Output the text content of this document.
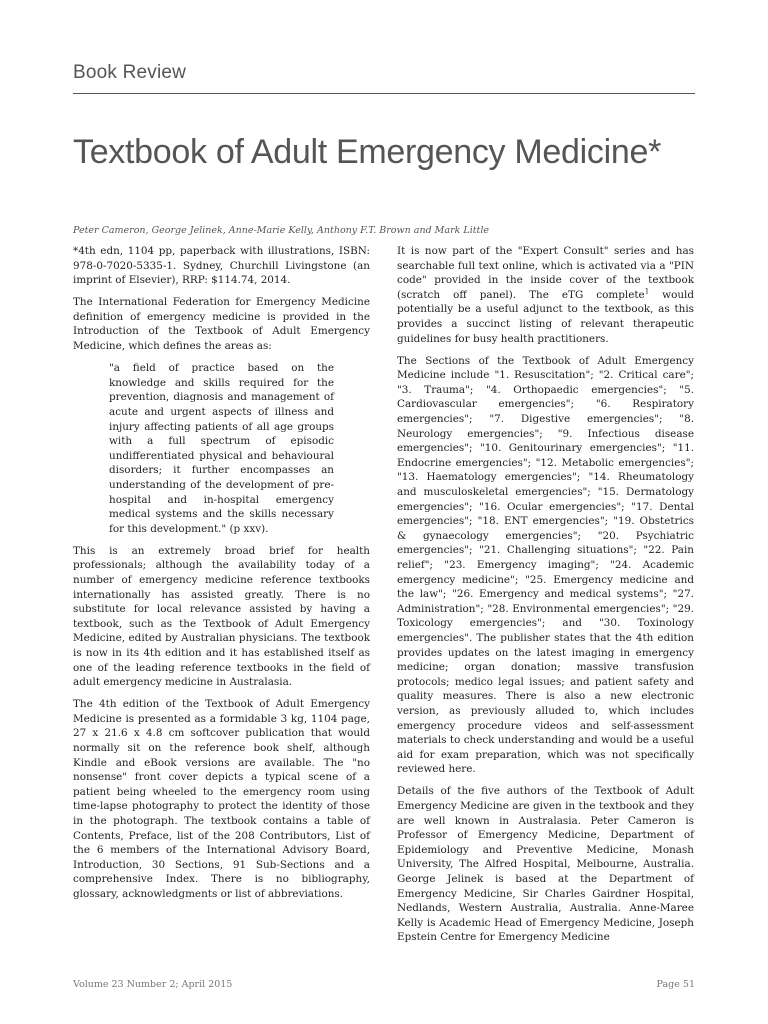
Book Review
Textbook of Adult Emergency Medicine*
Peter Cameron, George Jelinek, Anne-Marie Kelly, Anthony F.T. Brown and Mark Little

*4th edn, 1104 pp, paperback with illustrations, ISBN: 978-0-7020-5335-1. Sydney, Churchill Livingstone (an imprint of Elsevier), RRP: $114.74, 2014.

The International Federation for Emergency Medicine definition of emergency medicine is provided in the Introduction of the Textbook of Adult Emergency Medicine, which defines the areas as:

"a field of practice based on the knowledge and skills required for the prevention, diagnosis and management of acute and urgent aspects of illness and injury affecting patients of all age groups with a full spectrum of episodic undifferentiated physical and behavioural disorders; it further encompasses an understanding of the development of pre-hospital and in-hospital emergency medical systems and the skills necessary for this development." (p xxv).

This is an extremely broad brief for health professionals; although the availability today of a number of emergency medicine reference textbooks internationally has assisted greatly. There is no substitute for local relevance assisted by having a textbook, such as the Textbook of Adult Emergency Medicine, edited by Australian physicians. The textbook is now in its 4th edition and it has established itself as one of the leading reference textbooks in the field of adult emergency medicine in Australasia.

The 4th edition of the Textbook of Adult Emergency Medicine is presented as a formidable 3 kg, 1104 page, 27 x 21.6 x 4.8 cm softcover publication that would normally sit on the reference book shelf, although Kindle and eBook versions are available. The "no nonsense" front cover depicts a typical scene of a patient being wheeled to the emergency room using time-lapse photography to protect the identity of those in the photograph. The textbook contains a table of Contents, Preface, list of the 208 Contributors, List of the 6 members of the International Advisory Board, Introduction, 30 Sections, 91 Sub-Sections and a comprehensive Index. There is no bibliography, glossary, acknowledgments or list of abbreviations.

It is now part of the "Expert Consult" series and has searchable full text online, which is activated via a "PIN code" provided in the inside cover of the textbook (scratch off panel). The eTG complete$^1$ would potentially be a useful adjunct to the textbook, as this provides a succinct listing of relevant therapeutic guidelines for busy health practitioners.

The Sections of the Textbook of Adult Emergency Medicine include "1. Resuscitation"; "2. Critical care"; "3. Trauma"; "4. Orthopaedic emergencies"; "5. Cardiovascular emergencies"; "6. Respiratory emergencies"; "7. Digestive emergencies"; "8. Neurology emergencies"; "9. Infectious disease emergencies"; "10. Genitourinary emergencies"; "11. Endocrine emergencies"; "12. Metabolic emergencies"; "13. Haematology emergencies"; "14. Rheumatology and musculoskeletal emergencies"; "15. Dermatology emergencies"; "16. Ocular emergencies"; "17. Dental emergencies"; "18. ENT emergencies"; "19. Obstetrics & gynaecology emergencies"; "20. Psychiatric emergencies"; "21. Challenging situations"; "22. Pain relief"; "23. Emergency imaging"; "24. Academic emergency medicine"; "25. Emergency medicine and the law"; "26. Emergency and medical systems"; "27. Administration"; "28. Environmental emergencies"; "29. Toxicology emergencies"; and "30. Toxinology emergencies". The publisher states that the 4th edition provides updates on the latest imaging in emergency medicine; organ donation; massive transfusion protocols; medico legal issues; and patient safety and quality measures. There is also a new electronic version, as previously alluded to, which includes emergency procedure videos and self-assessment materials to check understanding and would be a useful aid for exam preparation, which was not specifically reviewed here.

Details of the five authors of the Textbook of Adult Emergency Medicine are given in the textbook and they are well known in Australasia. Peter Cameron is Professor of Emergency Medicine, Department of Epidemiology and Preventive Medicine, Monash University, The Alfred Hospital, Melbourne, Australia. George Jelinek is based at the Department of Emergency Medicine, Sir Charles Gairdner Hospital, Nedlands, Western Australia, Australia. Anne-Maree Kelly is Academic Head of Emergency Medicine, Joseph Epstein Centre for Emergency Medicine

Volume 23 Number 2; April 2015	Page 51
